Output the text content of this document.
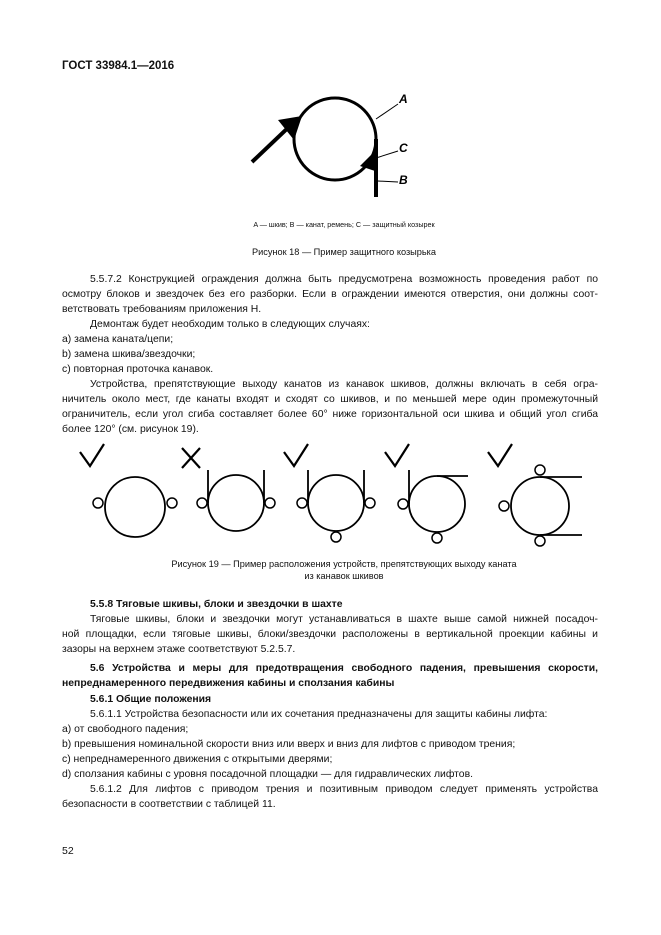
ГОСТ 33984.1—2016
A
C
B
A — шкив; B — канат, ремень; C — защитный козырек
Рисунок 18 — Пример защитного козырька
5.5.7.2 Конструкцией ограждения должна быть предусмотрена возможность проведения работ по
осмотру блоков и звездочек без его разборки. Если в ограждении имеются отверстия, они должны соот-
ветствовать требованиям приложения Н.
Демонтаж будет необходим только в следующих случаях:
a) замена каната/цепи;
b) замена шкива/звездочки;
c) повторная проточка канавок.
Устройства, препятствующие выходу канатов из канавок шкивов, должны включать в себя огра-
ничитель около мест, где канаты входят и сходят со шкивов, и по меньшей мере один промежуточный
ограничитель, если угол сгиба составляет более 60° ниже горизонтальной оси шкива и общий угол сгиба
более 120° (см. рисунок 19).
Рисунок 19 — Пример расположения устройств, препятствующих выходу каната
из канавок шкивов
5.5.8 Тяговые шкивы, блоки и звездочки в шахте
Тяговые шкивы, блоки и звездочки могут устанавливаться в шахте выше самой нижней посадоч-
ной площадки, если тяговые шкивы, блоки/звездочки расположены в вертикальной проекции кабины и
зазоры на верхнем этаже соответствуют 5.2.5.7.
5.6 Устройства и меры для предотвращения свободного падения, превышения скорости,
непреднамеренного передвижения кабины и сползания кабины
5.6.1 Общие положения
5.6.1.1 Устройства безопасности или их сочетания предназначены для защиты кабины лифта:
a) от свободного падения;
b) превышения номинальной скорости вниз или вверх и вниз для лифтов с приводом трения;
c) непреднамеренного движения с открытыми дверями;
d) сползания кабины с уровня посадочной площадки — для гидравлических лифтов.
5.6.1.2 Для лифтов с приводом трения и позитивным приводом следует применять устройства
безопасности в соответствии с таблицей 11.
52
